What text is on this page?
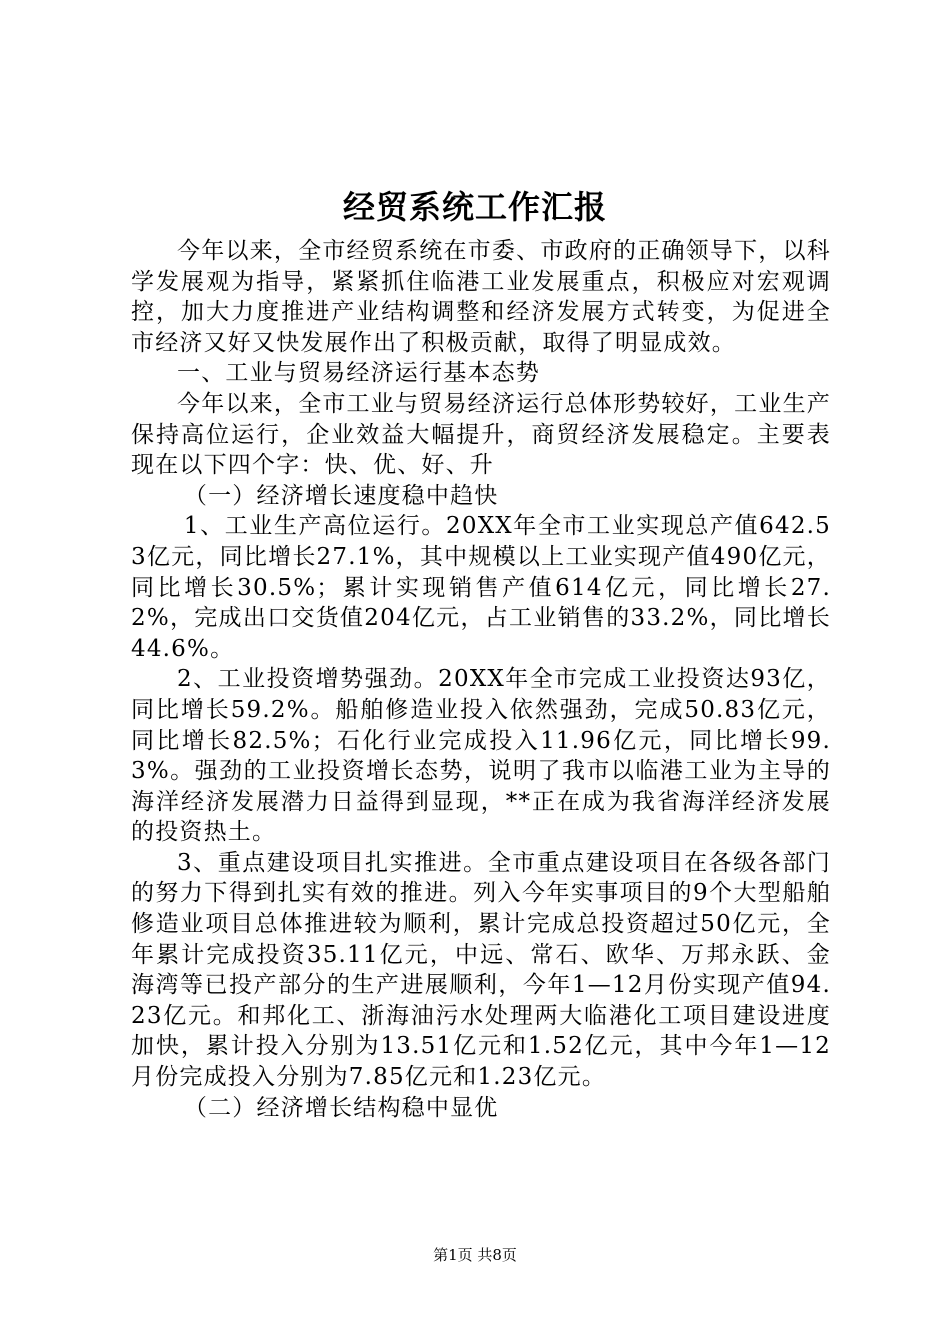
经贸系统工作汇报

今年以来，全市经贸系统在市委、市政府的正确领导下，以科学发展观为指导，紧紧抓住临港工业发展重点，积极应对宏观调控，加大力度推进产业结构调整和经济发展方式转变，为促进全市经济又好又快发展作出了积极贡献，取得了明显成效。

一、工业与贸易经济运行基本态势

今年以来，全市工业与贸易经济运行总体形势较好，工业生产保持高位运行，企业效益大幅提升，商贸经济发展稳定。主要表现在以下四个字：快、优、好、升

（一）经济增长速度稳中趋快

1、工业生产高位运行。20XX年全市工业实现总产值642.53亿元，同比增长27.1%，其中规模以上工业实现产值490亿元，同比增长30.5%；累计实现销售产值614亿元，同比增长27.2%，完成出口交货值204亿元，占工业销售的33.2%，同比增长44.6%。

2、工业投资增势强劲。20XX年全市完成工业投资达93亿，同比增长59.2%。船舶修造业投入依然强劲，完成50.83亿元，同比增长82.5%；石化行业完成投入11.96亿元，同比增长99.3%。强劲的工业投资增长态势，说明了我市以临港工业为主导的海洋经济发展潜力日益得到显现，**正在成为我省海洋经济发展的投资热土。

3、重点建设项目扎实推进。全市重点建设项目在各级各部门的努力下得到扎实有效的推进。列入今年实事项目的9个大型船舶修造业项目总体推进较为顺利，累计完成总投资超过50亿元，全年累计完成投资35.11亿元，中远、常石、欧华、万邦永跃、金海湾等已投产部分的生产进展顺利，今年1—12月份实现产值94.23亿元。和邦化工、浙海油污水处理两大临港化工项目建设进度加快，累计投入分别为13.51亿元和1.52亿元，其中今年1—12月份完成投入分别为7.85亿元和1.23亿元。

（二）经济增长结构稳中显优

第1页 共8页
